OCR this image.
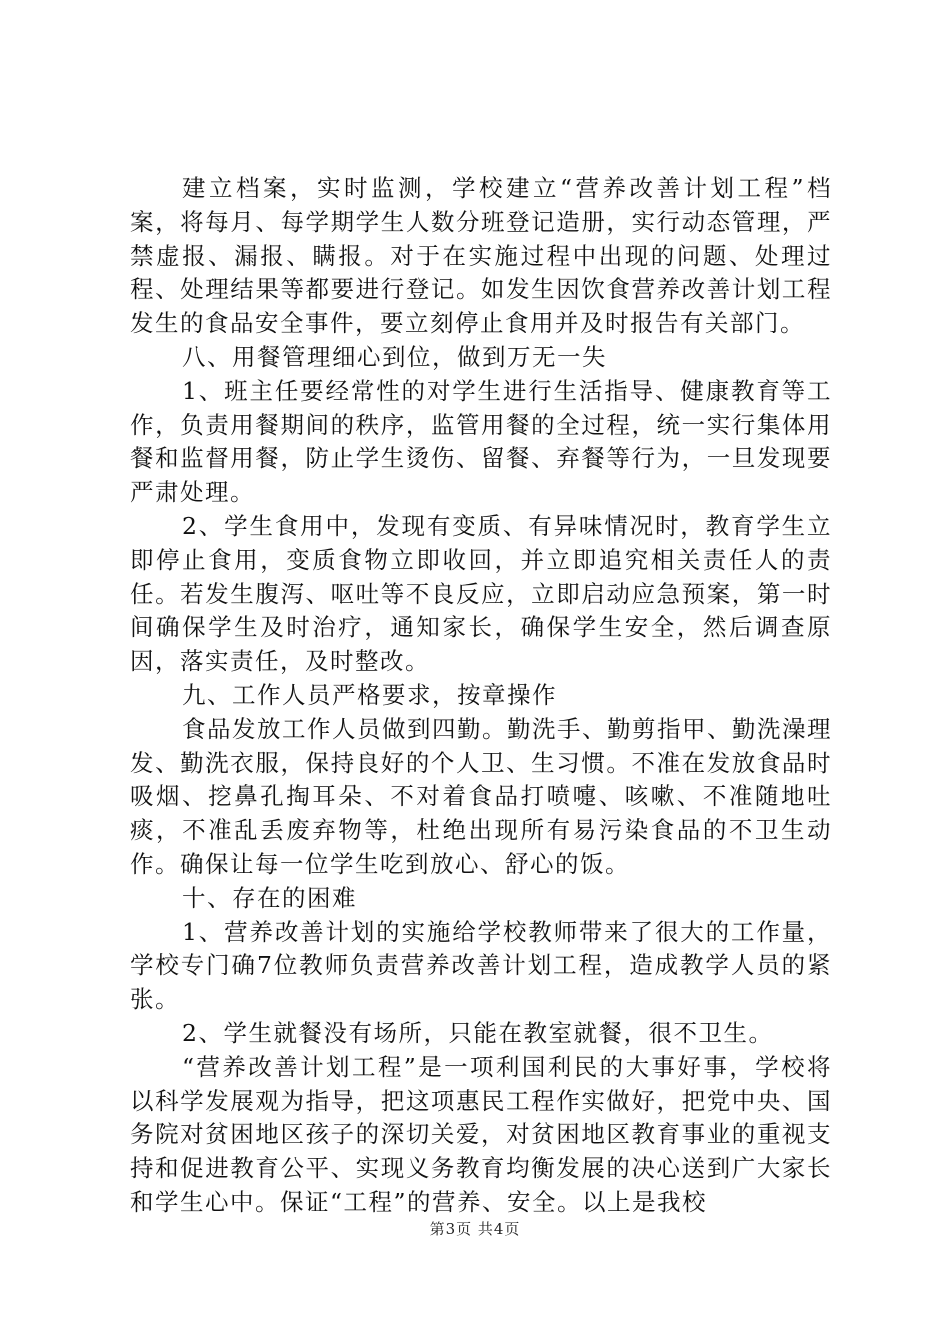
建立档案，实时监测，学校建立“营养改善计划工程”档案，将每月、每学期学生人数分班登记造册，实行动态管理，严禁虚报、漏报、瞒报。对于在实施过程中出现的问题、处理过程、处理结果等都要进行登记。如发生因饮食营养改善计划工程发生的食品安全事件，要立刻停止食用并及时报告有关部门。

八、用餐管理细心到位，做到万无一失

1、班主任要经常性的对学生进行生活指导、健康教育等工作，负责用餐期间的秩序，监管用餐的全过程，统一实行集体用餐和监督用餐，防止学生烫伤、留餐、弃餐等行为，一旦发现要严肃处理。

2、学生食用中，发现有变质、有异味情况时，教育学生立即停止食用，变质食物立即收回，并立即追究相关责任人的责任。若发生腹泻、呕吐等不良反应，立即启动应急预案，第一时间确保学生及时治疗，通知家长，确保学生安全，然后调查原因，落实责任，及时整改。

九、工作人员严格要求，按章操作

食品发放工作人员做到四勤。勤洗手、勤剪指甲、勤洗澡理发、勤洗衣服，保持良好的个人卫、生习惯。不准在发放食品时吸烟、挖鼻孔掏耳朵、不对着食品打喷嚏、咳嗽、不准随地吐痰，不准乱丢废弃物等，杜绝出现所有易污染食品的不卫生动作。确保让每一位学生吃到放心、舒心的饭。

十、存在的困难

1、营养改善计划的实施给学校教师带来了很大的工作量，学校专门确7位教师负责营养改善计划工程，造成教学人员的紧张。

2、学生就餐没有场所，只能在教室就餐，很不卫生。

“营养改善计划工程”是一项利国利民的大事好事，学校将以科学发展观为指导，把这项惠民工程作实做好，把党中央、国务院对贫困地区孩子的深切关爱，对贫困地区教育事业的重视支持和促进教育公平、实现义务教育均衡发展的决心送到广大家长和学生心中。保证“工程”的营养、安全。以上是我校

第3页 共4页
